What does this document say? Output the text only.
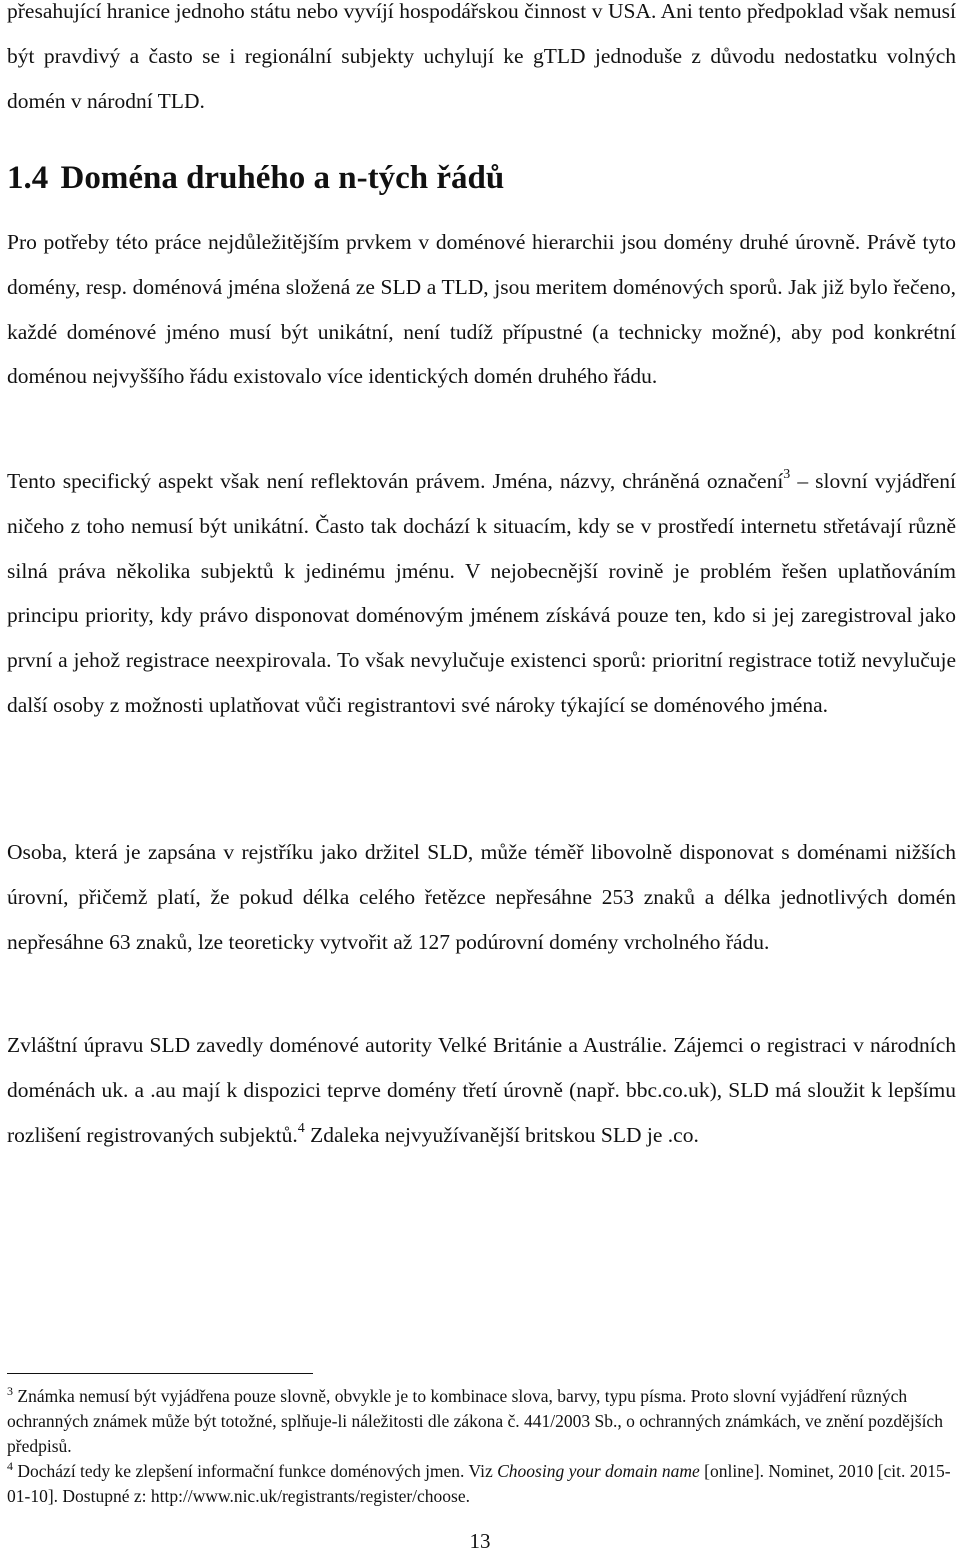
přesahující hranice jednoho státu nebo vyvíjí hospodářskou činnost v USA. Ani tento předpoklad však nemusí být pravdivý a často se i regionální subjekty uchylují ke gTLD jednoduše z důvodu nedostatku volných domén v národní TLD.

1.4 Doména druhého a n-tých řádů

Pro potřeby této práce nejdůležitějším prvkem v doménové hierarchii jsou domény druhé úrovně. Právě tyto domény, resp. doménová jména složená ze SLD a TLD, jsou meritem doménových sporů. Jak již bylo řečeno, každé doménové jméno musí být unikátní, není tudíž přípustné (a technicky možné), aby pod konkrétní doménou nejvyššího řádu existovalo více identických domén druhého řádu.

Tento specifický aspekt však není reflektován právem. Jména, názvy, chráněná označení$^3$ – slovní vyjádření ničeho z toho nemusí být unikátní. Často tak dochází k situacím, kdy se v prostředí internetu střetávají různě silná práva několika subjektů k jedinému jménu. V nejobecnější rovině je problém řešen uplatňováním principu priority, kdy právo disponovat doménovým jménem získává pouze ten, kdo si jej zaregistroval jako první a jehož registrace neexpirovala. To však nevylučuje existenci sporů: prioritní registrace totiž nevylučuje další osoby z možnosti uplatňovat vůči registrantovi své nároky týkající se doménového jména.

Osoba, která je zapsána v rejstříku jako držitel SLD, může téměř libovolně disponovat s doménami nižších úrovní, přičemž platí, že pokud délka celého řetězce nepřesáhne 253 znaků a délka jednotlivých domén nepřesáhne 63 znaků, lze teoreticky vytvořit až 127 podúrovní domény vrcholného řádu.

Zvláštní úpravu SLD zavedly doménové autority Velké Británie a Austrálie. Zájemci o registraci v národních doménách uk. a .au mají k dispozici teprve domény třetí úrovně (např. bbc.co.uk), SLD má sloužit k lepšímu rozlišení registrovaných subjektů.$^4$ Zdaleka nejvyužívanější britskou SLD je .co.

$^3$ Známka nemusí být vyjádřena pouze slovně, obvykle je to kombinace slova, barvy, typu písma. Proto slovní vyjádření různých ochranných známek může být totožné, splňuje-li náležitosti dle zákona č. 441/2003 Sb., o ochranných známkách, ve znění pozdějších předpisů.

$^4$ Dochází tedy ke zlepšení informační funkce doménových jmen. Viz Choosing your domain name [online]. Nominet, 2010 [cit. 2015-01-10]. Dostupné z: http://www.nic.uk/registrants/register/choose.

13
